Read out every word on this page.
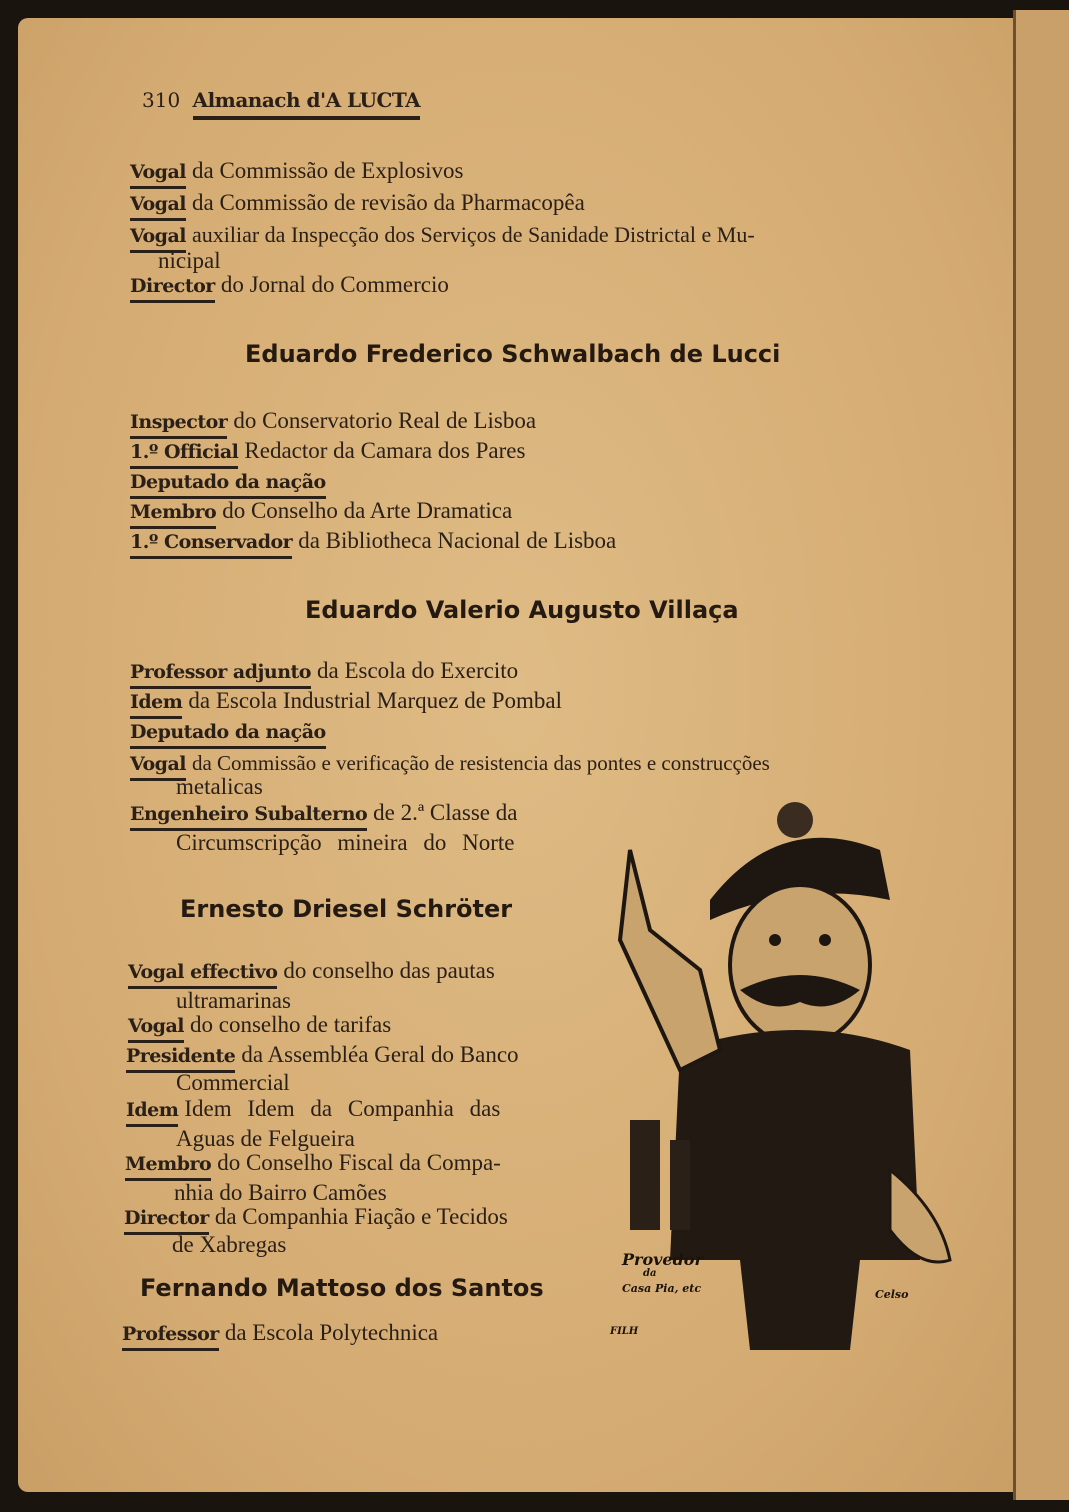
310 Almanach d'A LUCTA
Vogal da Commissão de Explosivos
Vogal da Commissão de revisão da Pharmacopêa
Vogal auxiliar da Inspecção dos Serviços de Sanidade Districtal e Mu-
nicipal
Director do Jornal do Commercio
Eduardo Frederico Schwalbach de Lucci
Inspector do Conservatorio Real de Lisboa
1.º Official Redactor da Camara dos Pares
Deputado da nação
Membro do Conselho da Arte Dramatica
1.º Conservador da Bibliotheca Nacional de Lisboa
Eduardo Valerio Augusto Villaça
Professor adjunto da Escola do Exercito
Idem da Escola Industrial Marquez de Pombal
Deputado da nação
Vogal da Commissão e verificação de resistencia das pontes e construcções
metalicas
Engenheiro Subalterno de 2.ª Classe da
Circumscripção mineira do Norte
Ernesto Driesel Schröter
Vogal effectivo do conselho das pautas
ultramarinas
Vogal do conselho de tarifas
Presidente da Assembléa Geral do Banco
Commercial
Idem Idem Idem da Companhia das
Aguas de Felgueira
Membro do Conselho Fiscal da Compa-
nhia do Bairro Camões
Director da Companhia Fiação e Tecidos
de Xabregas
Fernando Mattoso dos Santos
Professor da Escola Polytechnica
Provedor
da
Casa Pia, etc	Celso
FILH
